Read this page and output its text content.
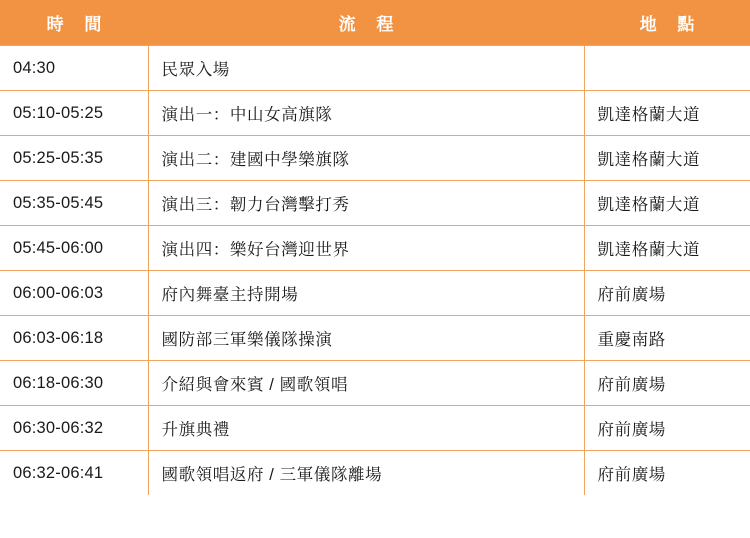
時 間	流 程	地 點
04:30	民眾入場	
05:10-05:25	演出一：中山女高旗隊	凱達格蘭大道
05:25-05:35	演出二：建國中學樂旗隊	凱達格蘭大道
05:35-05:45	演出三：韌力台灣擊打秀	凱達格蘭大道
05:45-06:00	演出四：樂好台灣迎世界	凱達格蘭大道
06:00-06:03	府內舞臺主持開場	府前廣場
06:03-06:18	國防部三軍樂儀隊操演	重慶南路
06:18-06:30	介紹與會來賓 / 國歌領唱	府前廣場
06:30-06:32	升旗典禮	府前廣場
06:32-06:41	國歌領唱返府 / 三軍儀隊離場	府前廣場
